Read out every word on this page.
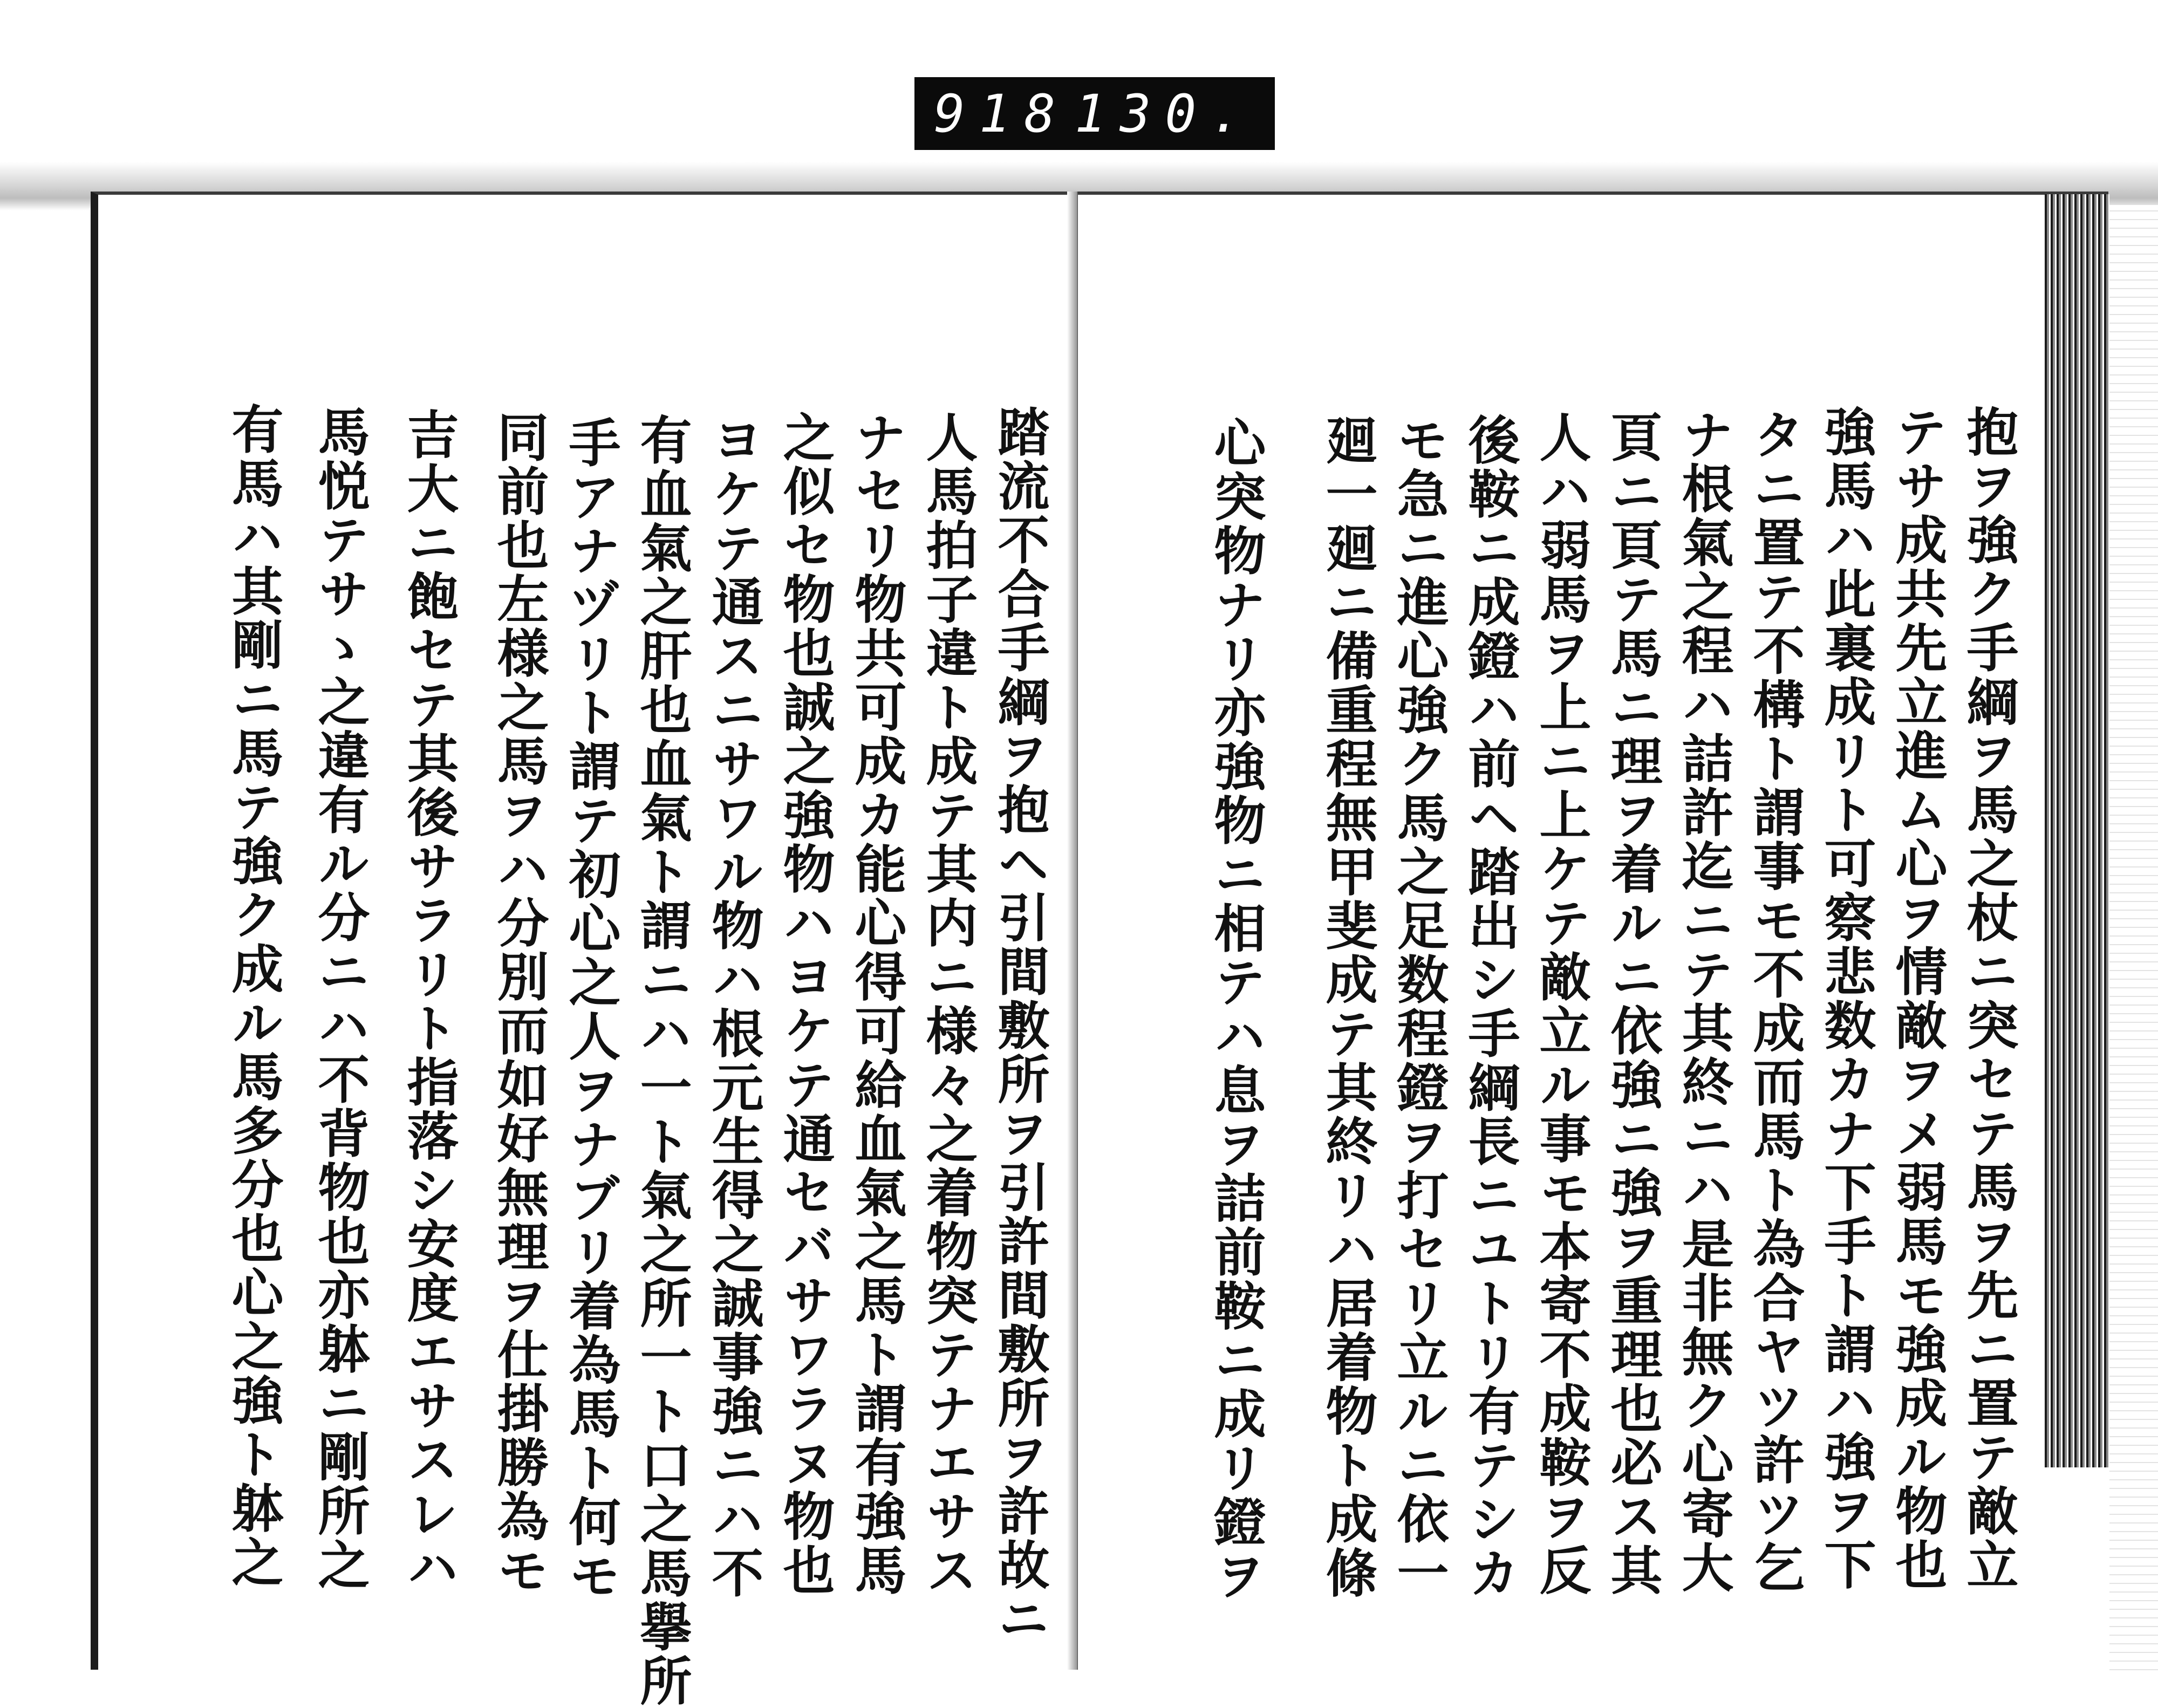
918 130.
踏流不合手綱ヲ抱ヘ引間敷所ヲ引許間敷所ヲ許故ニ
人馬拍子違ト成テ其内ニ様々之着物突テナエサス
ナセリ物共可成カ能心得可給血氣之馬ト謂有強馬
之似セ物也誠之強物ハヨケテ通セバサワラヌ物也
ヨケテ通スニサワル物ハ根元生得之誠事強ニハ不
有血氣之肝也血氣ト謂ニハ一ト氣之所一ト口之馬擧所
手アナヅリト謂テ初心之人ヲナブリ着為馬ト何モ
同前也左様之馬ヲハ分別而如好無理ヲ仕掛勝為モ
吉大ニ飽セテ其後サラリト指落シ安度エサスレハ
馬悦テサゝ之違有ル分ニハ不背物也亦躰ニ剛所之
有馬ハ其剛ニ馬テ強ク成ル馬多分也心之強ト躰之	抱ヲ強ク手綱ヲ馬之杖ニ突セテ馬ヲ先ニ置テ敵立
テサ成共先立進ム心ヲ情敵ヲメ弱馬モ強成ル物也
強馬ハ此裏成リト可察悲数カナ下手ト謂ハ強ヲ下
タニ置テ不構ト謂事モ不成而馬ト為合ヤツ許ツ乞
ナ根氣之程ハ詰許迄ニテ其終ニハ是非無ク心寄大
頁ニ頁テ馬ニ理ヲ着ルニ依強ニ強ヲ重理也必ス其
人ハ弱馬ヲ上ニ上ケテ敵立ル事モ本寄不成鞍ヲ反
後鞍ニ成鐙ハ前ヘ踏出シ手綱長ニユトリ有テシカ
モ急ニ進心強ク馬之足数程鐙ヲ打セリ立ルニ依一
廻一廻ニ備重程無甲斐成テ其終リハ居着物ト成條
心突物ナリ亦強物ニ相テハ息ヲ詰前鞍ニ成リ鐙ヲ
